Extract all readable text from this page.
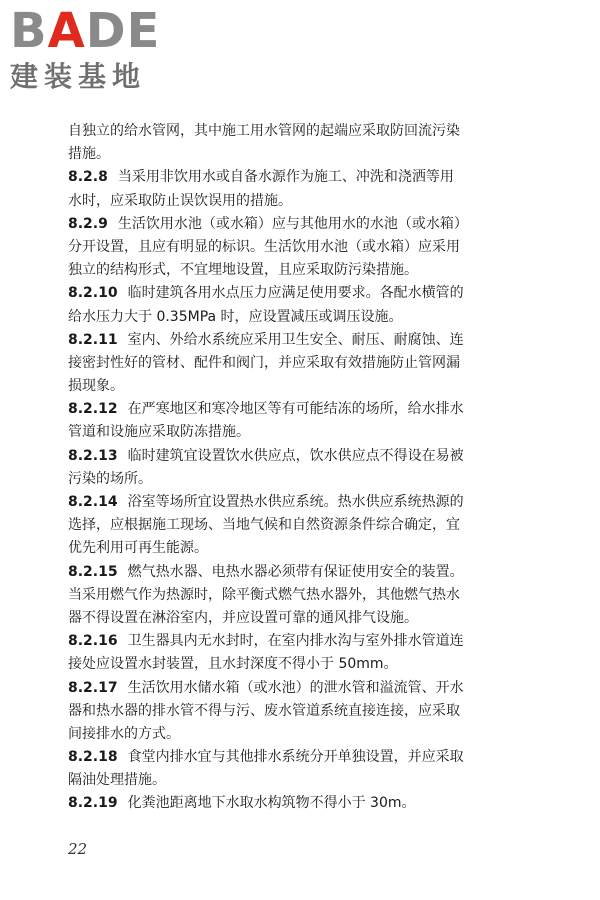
BADE
建装基地
自独立的给水管网，其中施工用水管网的起端应采取防回流污染
措施。
8.2.8 当采用非饮用水或自备水源作为施工、冲洗和浇洒等用
水时，应采取防止误饮误用的措施。
8.2.9 生活饮用水池（或水箱）应与其他用水的水池（或水箱）
分开设置，且应有明显的标识。生活饮用水池（或水箱）应采用
独立的结构形式，不宜埋地设置，且应采取防污染措施。
8.2.10 临时建筑各用水点压力应满足使用要求。各配水横管的
给水压力大于 0.35MPa 时，应设置减压或调压设施。
8.2.11 室内、外给水系统应采用卫生安全、耐压、耐腐蚀、连
接密封性好的管材、配件和阀门，并应采取有效措施防止管网漏
损现象。
8.2.12 在严寒地区和寒冷地区等有可能结冻的场所，给水排水
管道和设施应采取防冻措施。
8.2.13 临时建筑宜设置饮水供应点，饮水供应点不得设在易被
污染的场所。
8.2.14 浴室等场所宜设置热水供应系统。热水供应系统热源的
选择，应根据施工现场、当地气候和自然资源条件综合确定，宜
优先利用可再生能源。
8.2.15 燃气热水器、电热水器必须带有保证使用安全的装置。
当采用燃气作为热源时，除平衡式燃气热水器外，其他燃气热水
器不得设置在淋浴室内，并应设置可靠的通风排气设施。
8.2.16 卫生器具内无水封时，在室内排水沟与室外排水管道连
接处应设置水封装置，且水封深度不得小于 50mm。
8.2.17 生活饮用水储水箱（或水池）的泄水管和溢流管、开水
器和热水器的排水管不得与污、废水管道系统直接连接，应采取
间接排水的方式。
8.2.18 食堂内排水宜与其他排水系统分开单独设置，并应采取
隔油处理措施。
8.2.19 化粪池距离地下水取水构筑物不得小于 30m。
22
